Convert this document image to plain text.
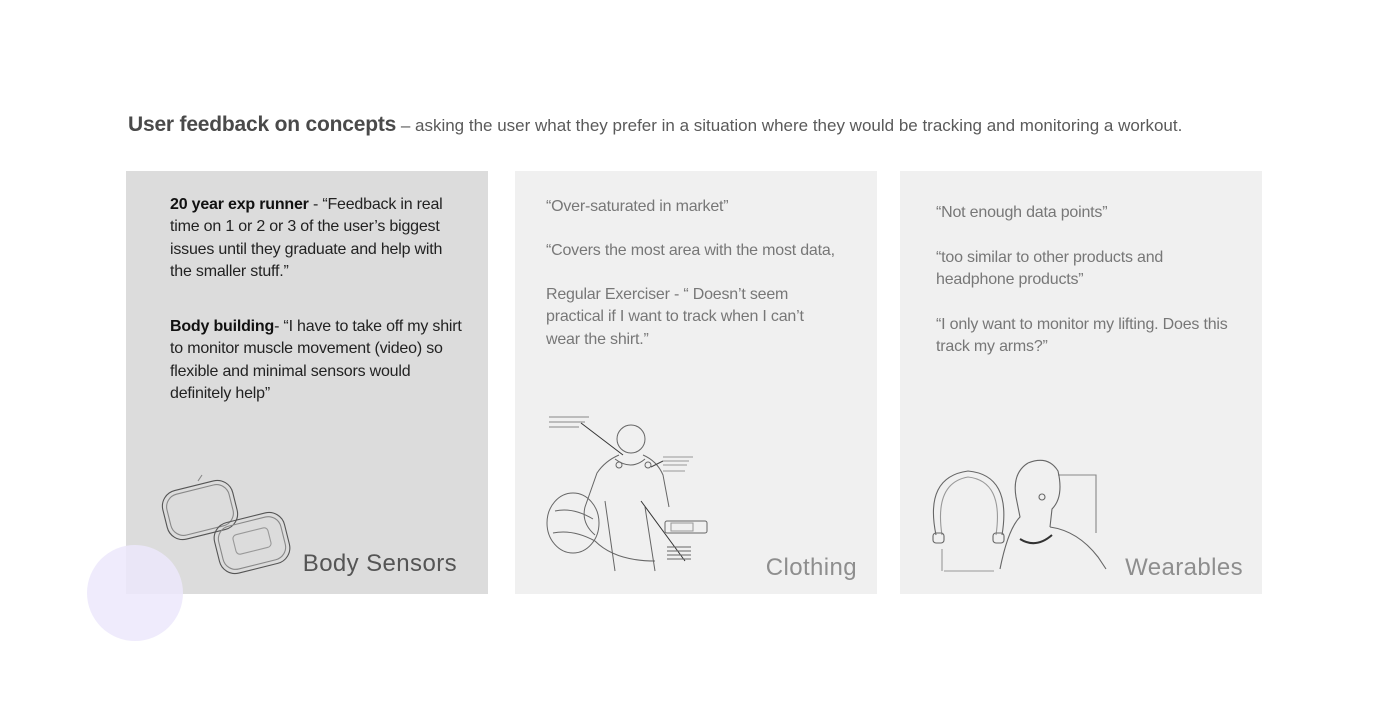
User feedback on concepts – asking the user what they prefer in a situation where they would be tracking and monitoring a workout.
20 year exp runner - “Feedback in real time on 1 or 2 or 3 of the user’s biggest issues until they graduate and help with the smaller stuff.”
Body building- “I have to take off my shirt to monitor muscle movement (video) so flexible and minimal sensors would definitely help”
Body Sensors
“Over-saturated in market”
“Covers the most area with the most data,
Regular Exerciser - “ Doesn’t seem practical if I want to track when I can’t wear the shirt.”
Clothing
“Not enough data points”
“too similar to other products and headphone products”
“I only want to monitor my lifting. Does this track my arms?”
Wearables
